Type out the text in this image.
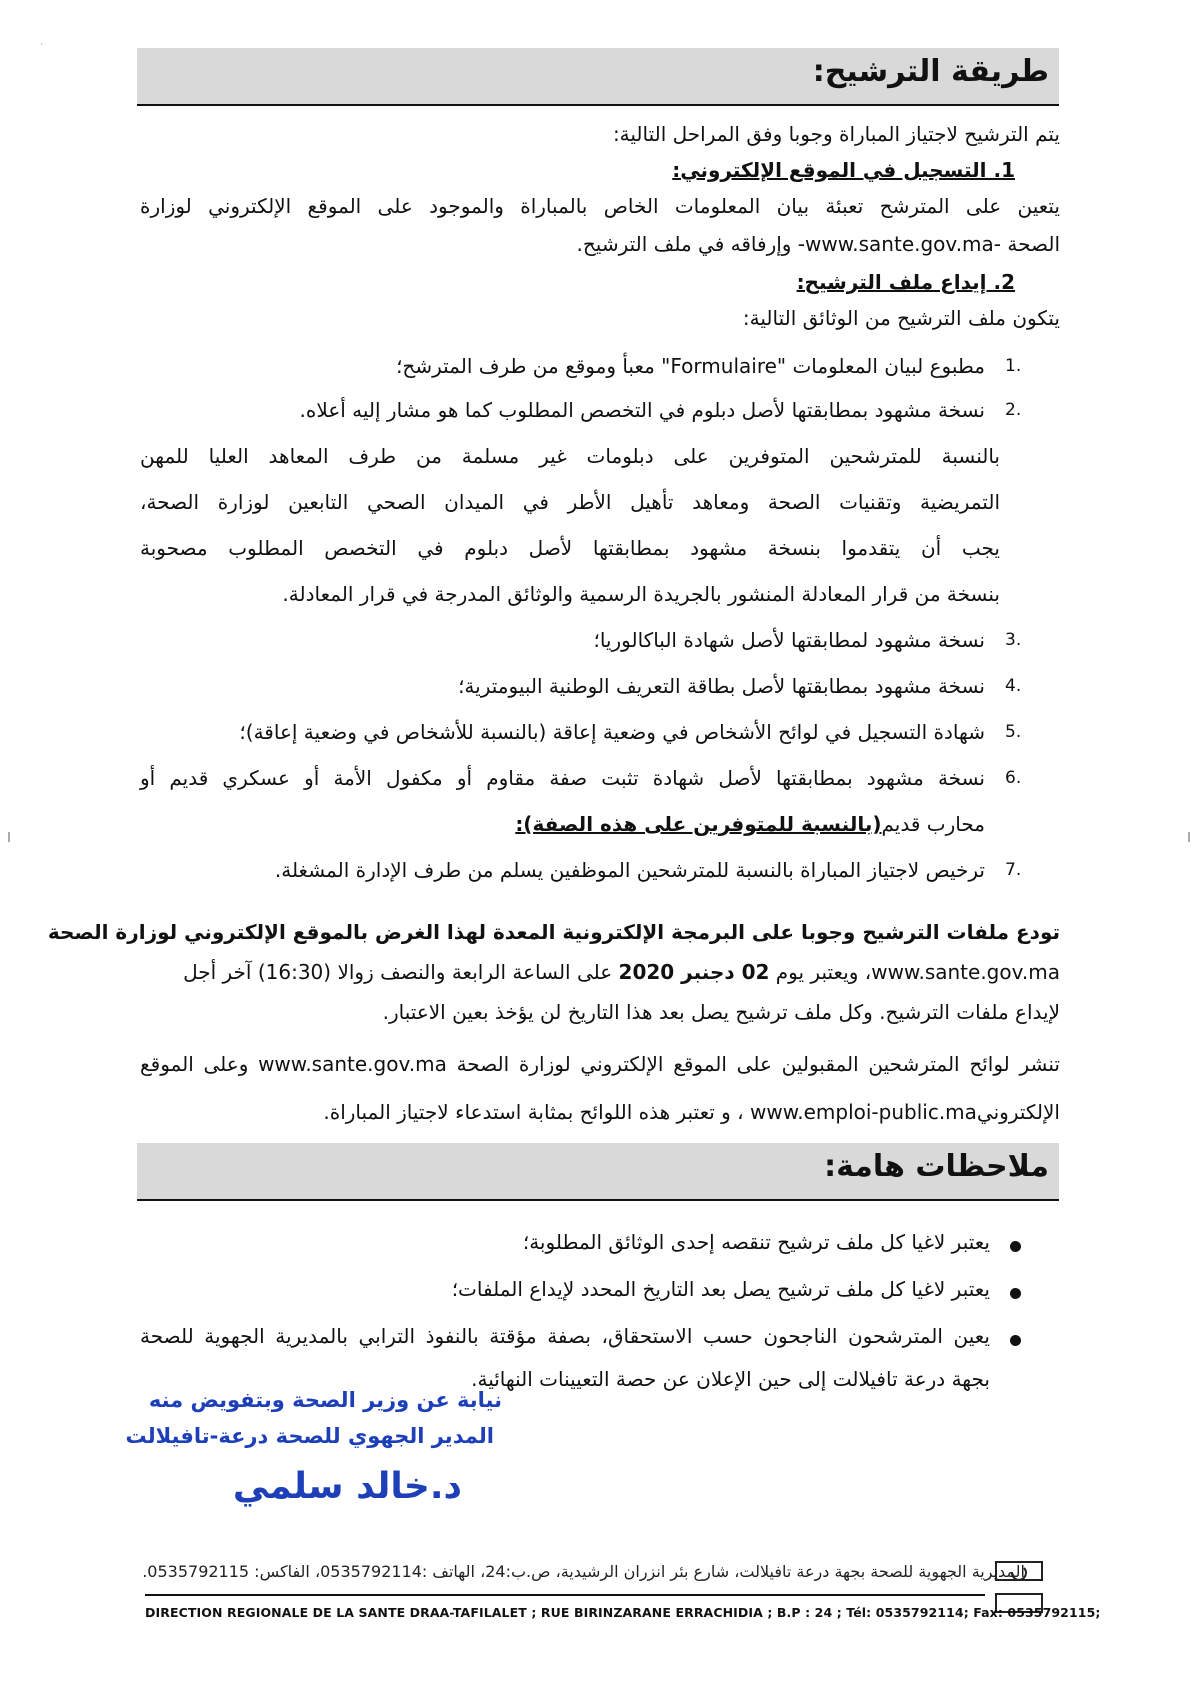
·
طريقة الترشيح:
يتم الترشيح لاجتياز المباراة وجوبا وفق المراحل التالية:
1. التسجيل في الموقع الإلكتروني:
يتعين على المترشح تعبئة بيان المعلومات الخاص بالمباراة والموجود على الموقع الإلكتروني لوزارة
الصحة -www.sante.gov.ma- وإرفاقه في ملف الترشيح.
2. إيداع ملف الترشيح:
يتكون ملف الترشيح من الوثائق التالية:
1.
مطبوع لبيان المعلومات "Formulaire" معبأ وموقع من طرف المترشح؛
2.
نسخة مشهود بمطابقتها لأصل دبلوم في التخصص المطلوب كما هو مشار إليه أعلاه.
بالنسبة للمترشحين المتوفرين على دبلومات غير مسلمة من طرف المعاهد العليا للمهن
التمريضية وتقنيات الصحة ومعاهد تأهيل الأطر في الميدان الصحي التابعين لوزارة الصحة،
يجب أن يتقدموا بنسخة مشهود بمطابقتها لأصل دبلوم في التخصص المطلوب مصحوبة
بنسخة من قرار المعادلة المنشور بالجريدة الرسمية والوثائق المدرجة في قرار المعادلة.
3.
نسخة مشهود لمطابقتها لأصل شهادة الباكالوريا؛
4.
نسخة مشهود بمطابقتها لأصل بطاقة التعريف الوطنية البيومترية؛
5.
شهادة التسجيل في لوائح الأشخاص في وضعية إعاقة (بالنسبة للأشخاص في وضعية إعاقة)؛
6.
نسخة مشهود بمطابقتها لأصل شهادة تثبت صفة مقاوم أو مكفول الأمة أو عسكري قديم أو
محارب قديم(بالنسبة للمتوفرين على هذه الصفة):
7.
ترخيص لاجتياز المباراة بالنسبة للمترشحين الموظفين يسلم من طرف الإدارة المشغلة.
تودع ملفات الترشيح وجوبا على البرمجة الإلكترونية المعدة لهذا الغرض بالموقع الإلكتروني لوزارة الصحة
www.sante.gov.ma، ويعتبر يوم 02 دجنبر 2020 على الساعة الرابعة والنصف زوالا (16:30) آخر أجل
لإيداع ملفات الترشيح. وكل ملف ترشيح يصل بعد هذا التاريخ لن يؤخذ بعين الاعتبار.
تنشر لوائح المترشحين المقبولين على الموقع الإلكتروني لوزارة الصحة www.sante.gov.ma وعلى الموقع
الإلكترونيwww.emploi-public.ma ، و تعتبر هذه اللوائح بمثابة استدعاء لاجتياز المباراة.
ملاحظات هامة:
يعتبر لاغيا كل ملف ترشيح تنقصه إحدى الوثائق المطلوبة؛
يعتبر لاغيا كل ملف ترشيح يصل بعد التاريخ المحدد لإيداع الملفات؛
يعين المترشحون الناجحون حسب الاستحقاق، بصفة مؤقتة بالنفوذ الترابي بالمديرية الجهوية للصحة
بجهة درعة تافيلالت إلى حين الإعلان عن حصة التعيينات النهائية.
نيابة عن وزير الصحة وبتفويض منه
المدير الجهوي للصحة درعة-تافيلالت
د.خالد سلمي
المديرية الجهوية للصحة بجهة درعة تافيلالت، شارع بئر انزران الرشيدية، ص.ب:24، الهاتف :0535792114، الفاكس: 0535792115.
DIRECTION REGIONALE DE LA SANTE DRAA-TAFILALET ; RUE BIRINZARANE ERRACHIDIA ; B.P : 24 ; Tél: 0535792114; Fax: 0535792115;
